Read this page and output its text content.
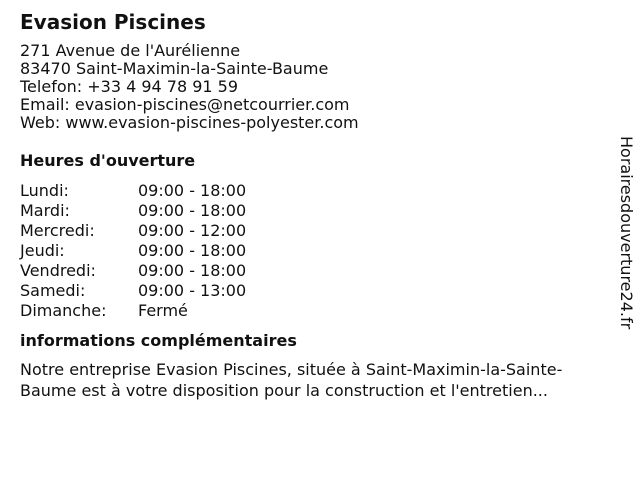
Evasion Piscines
271 Avenue de l'Aurélienne
83470 Saint-Maximin-la-Sainte-Baume
Telefon: +33 4 94 78 91 59
Email: evasion-piscines@netcourrier.com
Web: www.evasion-piscines-polyester.com
Heures d'ouverture
Lundi:	09:00 - 18:00
Mardi:	09:00 - 18:00
Mercredi:	09:00 - 12:00
Jeudi:	09:00 - 18:00
Vendredi:	09:00 - 18:00
Samedi:	09:00 - 13:00
Dimanche:	Fermé
informations complémentaires
Notre entreprise Evasion Piscines, située à Saint-Maximin-la-Sainte-Baume est à votre disposition pour la construction et l'entretien...
Horairesdouverture24.fr
